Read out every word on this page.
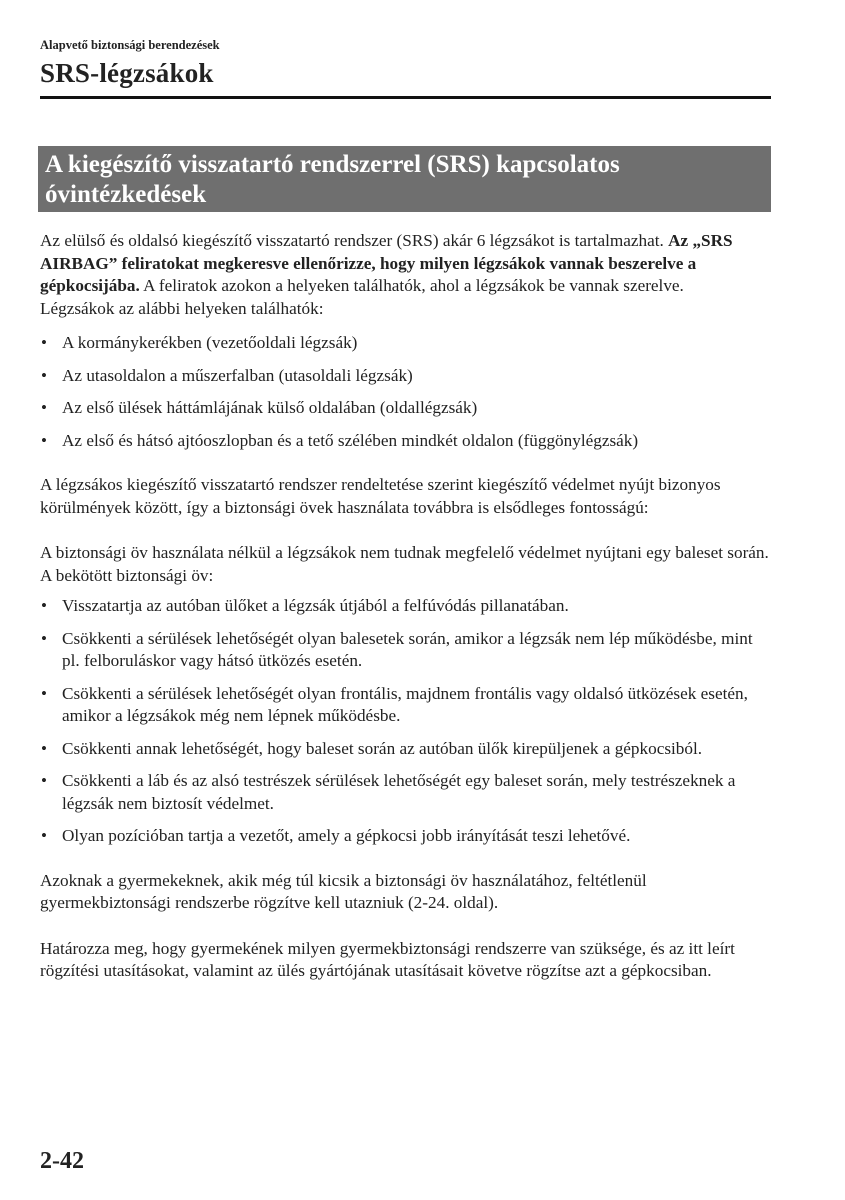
Alapvető biztonsági berendezések
SRS-légzsákok
A kiegészítő visszatartó rendszerrel (SRS) kapcsolatos
óvintézkedések

Az elülső és oldalsó kiegészítő visszatartó rendszer (SRS) akár 6 légzsákot is tartalmazhat. Az „SRS AIRBAG” feliratokat megkeresve ellenőrizze, hogy milyen légzsákok vannak beszerelve a gépkocsijába. A feliratok azokon a helyeken találhatók, ahol a légzsákok be vannak szerelve.

Légzsákok az alábbi helyeken találhatók:

• A kormánykerékben (vezetőoldali légzsák)
• Az utasoldalon a műszerfalban (utasoldali légzsák)
• Az első ülések háttámlájának külső oldalában (oldallégzsák)
• Az első és hátsó ajtóoszlopban és a tető szélében mindkét oldalon (függönylégzsák)

A légzsákos kiegészítő visszatartó rendszer rendeltetése szerint kiegészítő védelmet nyújt bizonyos körülmények között, így a biztonsági övek használata továbbra is elsődleges fontosságú:

A biztonsági öv használata nélkül a légzsákok nem tudnak megfelelő védelmet nyújtani egy baleset során. A bekötött biztonsági öv:

• Visszatartja az autóban ülőket a légzsák útjából a felfúvódás pillanatában.
• Csökkenti a sérülések lehetőségét olyan balesetek során, amikor a légzsák nem lép működésbe, mint pl. felboruláskor vagy hátsó ütközés esetén.
• Csökkenti a sérülések lehetőségét olyan frontális, majdnem frontális vagy oldalsó ütközések esetén, amikor a légzsákok még nem lépnek működésbe.
• Csökkenti annak lehetőségét, hogy baleset során az autóban ülők kirepüljenek a gépkocsiból.
• Csökkenti a láb és az alsó testrészek sérülések lehetőségét egy baleset során, mely testrészeknek a légzsák nem biztosít védelmet.
• Olyan pozícióban tartja a vezetőt, amely a gépkocsi jobb irányítását teszi lehetővé.

Azoknak a gyermekeknek, akik még túl kicsik a biztonsági öv használatához, feltétlenül gyermekbiztonsági rendszerbe rögzítve kell utazniuk (2-24. oldal).

Határozza meg, hogy gyermekének milyen gyermekbiztonsági rendszerre van szüksége, és az itt leírt rögzítési utasításokat, valamint az ülés gyártójának utasításait követve rögzítse azt a gépkocsiban.

2-42
